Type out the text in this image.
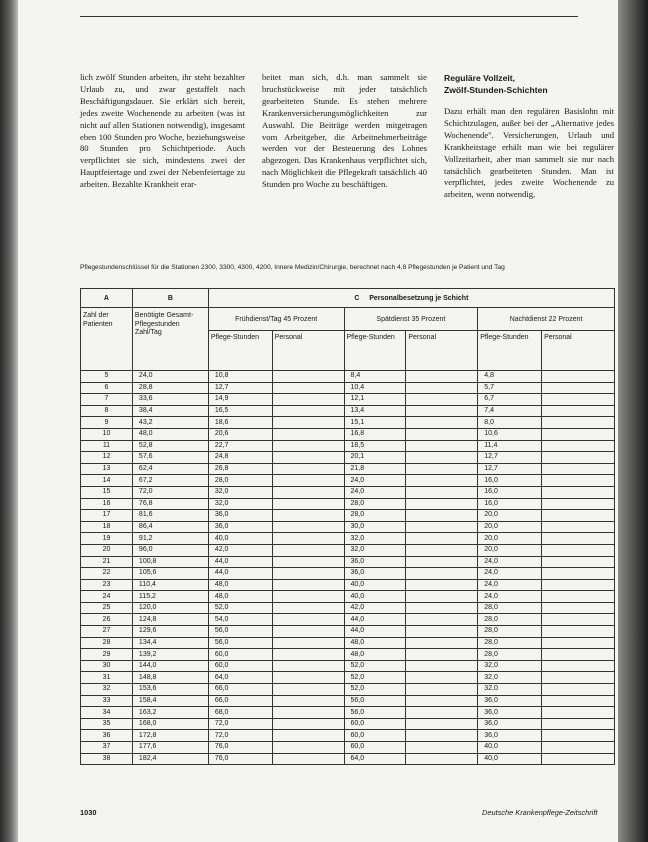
lich zwölf Stunden arbeiten, ihr steht bezahlter Urlaub zu, und zwar gestaffelt nach Beschäftigungsdauer. Sie erklärt sich bereit, jedes zweite Wochenende zu arbeiten (was ist nicht auf allen Stationen notwendig), insgesamt eben 100 Stunden pro Woche, beziehungsweise 80 Stunden pro Schichtperiode. Auch verpflichtet sie sich, mindestens zwei der Hauptfeiertage und zwei der Nebenfeiertage zu arbeiten. Bezahlte Krankheit erar-

beitet man sich, d.h. man sammelt sie bruchstückweise mit jeder tatsächlich gearbeiteten Stunde. Es stehen mehrere Krankenversicherungsmöglichkeiten zur Auswahl. Die Beiträge werden mitgetragen vom Arbeitgeber, die Arbeitnehmerbeiträge werden vor der Besteuerung des Lohnes abgezogen. Das Krankenhaus verpflichtet sich, nach Möglichkeit die Pflegekraft tatsächlich 40 Stunden pro Woche zu beschäftigen.

Reguläre Vollzeit,
Zwölf-Stunden-Schichten

Dazu erhält man den regulären Basislohn mit Schichtzulagen, außer bei der „Alternative jedes Wochenende". Versicherungen, Urlaub und Krankheitstage erhält man wie bei regulärer Vollzeitarbeit, aber man sammelt sie nur nach tatsächlich gearbeiteten Stunden. Man ist verpflichtet, jedes zweite Wochenende zu arbeiten, wenn notwendig,

Pflegestundenschlüssel für die Stationen 2300, 3300, 4300, 4200, Innere Medizin/Chirurgie, berechnet nach 4,8 Pflegestunden je Patient und Tag
A	B	C Personalbesetzung je Schicht					
Zahl der Patienten	Benötigte Gesamt-Pflegestunden Zahl/Tag	Frühdienst/Tag 45 Prozent		Spätdienst 35 Prozent		Nachtdienst 22 Prozent	
		Pflege-Stunden	Personal	Pflege-Stunden	Personal	Pflege-Stunden	Personal
5	24,0	10,8		8,4		4,8	
6	28,8	12,7		10,4		5,7	
7	33,6	14,9		12,1		6,7	
8	38,4	16,5		13,4		7,4	
9	43,2	18,6		15,1		8,0	
10	48,0	20,6		16,8		10,6	
11	52,8	22,7		18,5		11,4	
12	57,6	24,8		20,1		12,7	
13	62,4	26,8		21,8		12,7	
14	67,2	28,0		24,0		16,0	
15	72,0	32,0		24,0		16,0	
16	76,8	32,0		28,0		16,0	
17	81,6	36,0		28,0		20,0	
18	86,4	36,0		30,0		20,0	
19	91,2	40,0		32,0		20,0	
20	96,0	42,0		32,0		20,0	
21	100,8	44,0		36,0		24,0	
22	105,6	44,0		36,0		24,0	
23	110,4	48,0		40,0		24,0	
24	115,2	48,0		40,0		24,0	
25	120,0	52,0		42,0		28,0	
26	124,8	54,0		44,0		28,0	
27	129,6	56,0		44,0		28,0	
28	134,4	56,0		48,0		28,0	
29	139,2	60,0		48,0		28,0	
30	144,0	60,0		52,0		32,0	
31	148,8	64,0		52,0		32,0	
32	153,6	66,0		52,0		32,0	
33	158,4	66,0		56,0		36,0	
34	163,2	68,0		56,0		36,0	
35	168,0	72,0		60,0		36,0	
36	172,8	72,0		60,0		36,0	
37	177,6	76,0		60,0		40,0	
38	182,4	76,0		64,0		40,0	
1030	Deutsche Krankenpflege-Zeitschrift
